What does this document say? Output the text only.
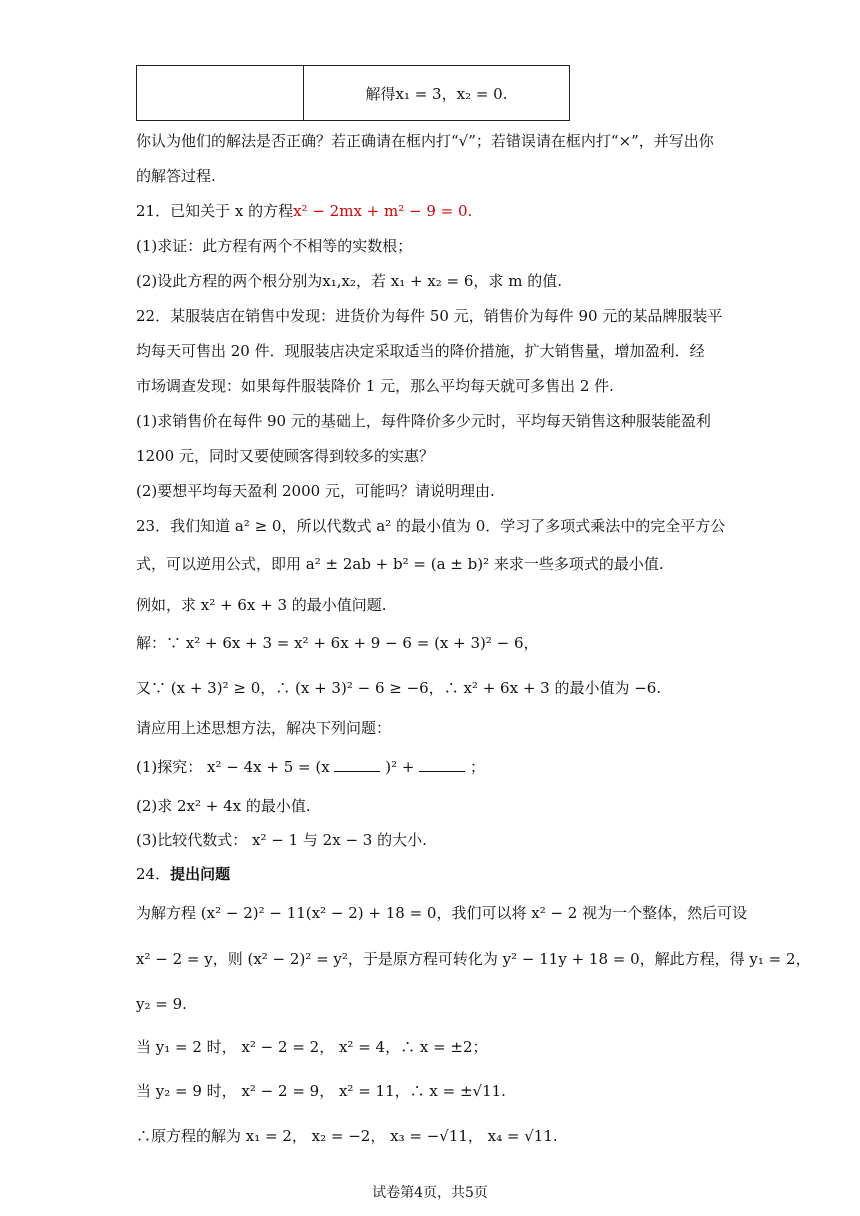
解得x₁ = 3，x₂ = 0.
你认为他们的解法是否正确？若正确请在框内打“√”；若错误请在框内打“×”，并写出你
的解答过程.
21．已知关于 x 的方程x² − 2mx + m² − 9 = 0.
(1)求证：此方程有两个不相等的实数根；
(2)设此方程的两个根分别为x₁,x₂，若 x₁ + x₂ = 6，求 m 的值.
22．某服装店在销售中发现：进货价为每件 50 元，销售价为每件 90 元的某品牌服装平
均每天可售出 20 件．现服装店决定采取适当的降价措施，扩大销售量，增加盈利．经
市场调查发现：如果每件服装降价 1 元，那么平均每天就可多售出 2 件.
(1)求销售价在每件 90 元的基础上，每件降价多少元时，平均每天销售这种服装能盈利
1200 元，同时又要使顾客得到较多的实惠？
(2)要想平均每天盈利 2000 元，可能吗？请说明理由.
23．我们知道 a² ≥ 0，所以代数式 a² 的最小值为 0．学习了多项式乘法中的完全平方公
式，可以逆用公式，即用 a² ± 2ab + b² = (a ± b)² 来求一些多项式的最小值.
例如，求 x² + 6x + 3 的最小值问题.
解：∵ x² + 6x + 3 = x² + 6x + 9 − 6 = (x + 3)² − 6，
又∵ (x + 3)² ≥ 0，∴ (x + 3)² − 6 ≥ −6，∴ x² + 6x + 3 的最小值为 −6.
请应用上述思想方法，解决下列问题：
(1)探究： x² − 4x + 5 = (x	)² +	；
(2)求 2x² + 4x 的最小值.
(3)比较代数式： x² − 1 与 2x − 3 的大小.
24．提出问题
为解方程 (x² − 2)² − 11(x² − 2) + 18 = 0，我们可以将 x² − 2 视为一个整体，然后可设
x² − 2 = y，则 (x² − 2)² = y²，于是原方程可转化为 y² − 11y + 18 = 0，解此方程，得 y₁ = 2，
y₂ = 9.
当 y₁ = 2 时， x² − 2 = 2， x² = 4，∴ x = ±2；
当 y₂ = 9 时， x² − 2 = 9， x² = 11，∴ x = ±√11.
∴原方程的解为 x₁ = 2， x₂ = −2， x₃ = −√11， x₄ = √11.
试卷第4页，共5页
